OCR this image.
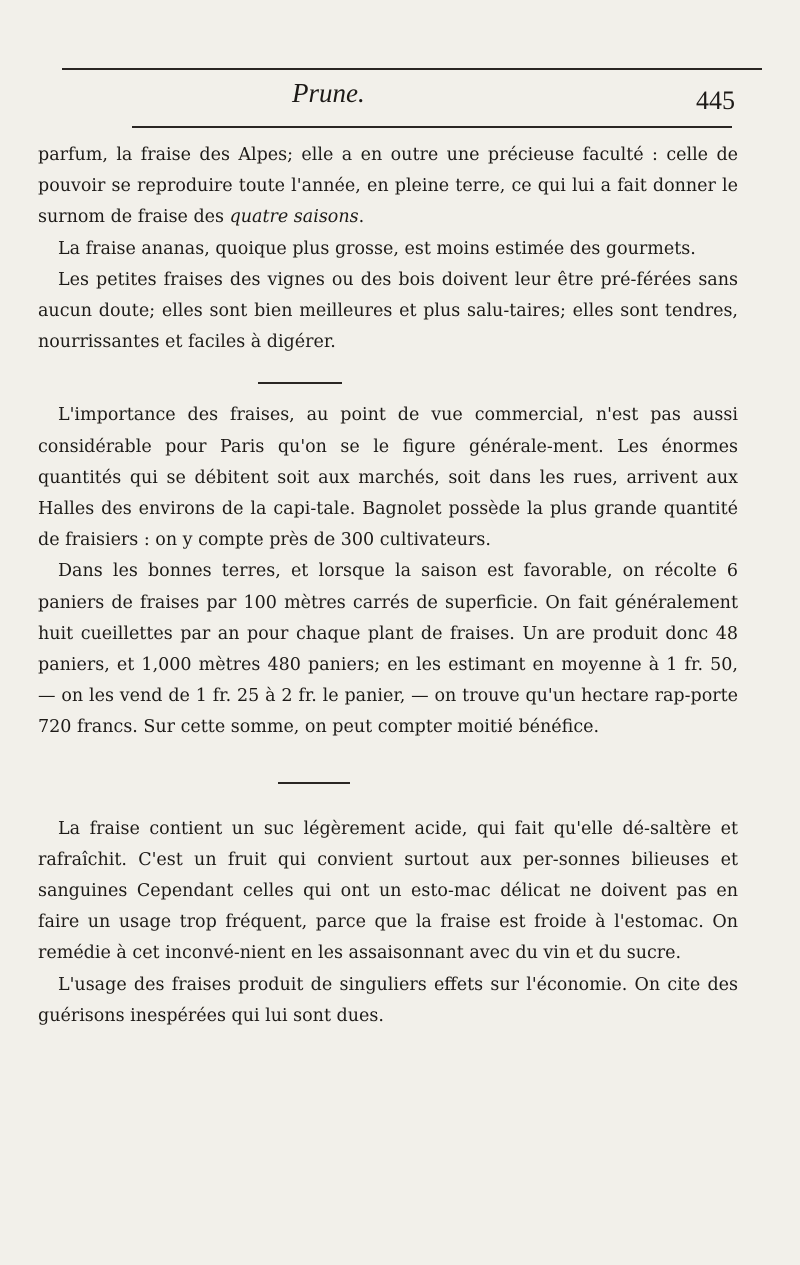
Prune.	445

parfum, la fraise des Alpes; elle a en outre une précieuse faculté : celle de pouvoir se reproduire toute l'année, en pleine terre, ce qui lui a fait donner le surnom de fraise des quatre saisons.

La fraise ananas, quoique plus grosse, est moins estimée des gourmets.

Les petites fraises des vignes ou des bois doivent leur être pré-férées sans aucun doute; elles sont bien meilleures et plus salu-taires; elles sont tendres, nourrissantes et faciles à digérer.

L'importance des fraises, au point de vue commercial, n'est pas aussi considérable pour Paris qu'on se le figure générale-ment. Les énormes quantités qui se débitent soit aux marchés, soit dans les rues, arrivent aux Halles des environs de la capi-tale. Bagnolet possède la plus grande quantité de fraisiers : on y compte près de 300 cultivateurs.

Dans les bonnes terres, et lorsque la saison est favorable, on récolte 6 paniers de fraises par 100 mètres carrés de superficie. On fait généralement huit cueillettes par an pour chaque plant de fraises. Un are produit donc 48 paniers, et 1,000 mètres 480 paniers; en les estimant en moyenne à 1 fr. 50, — on les vend de 1 fr. 25 à 2 fr. le panier, — on trouve qu'un hectare rap-porte 720 francs. Sur cette somme, on peut compter moitié bénéfice.

La fraise contient un suc légèrement acide, qui fait qu'elle dé-saltère et rafraîchit. C'est un fruit qui convient surtout aux per-sonnes bilieuses et sanguines Cependant celles qui ont un esto-mac délicat ne doivent pas en faire un usage trop fréquent, parce que la fraise est froide à l'estomac. On remédie à cet inconvé-nient en les assaisonnant avec du vin et du sucre.

L'usage des fraises produit de singuliers effets sur l'économie. On cite des guérisons inespérées qui lui sont dues.
